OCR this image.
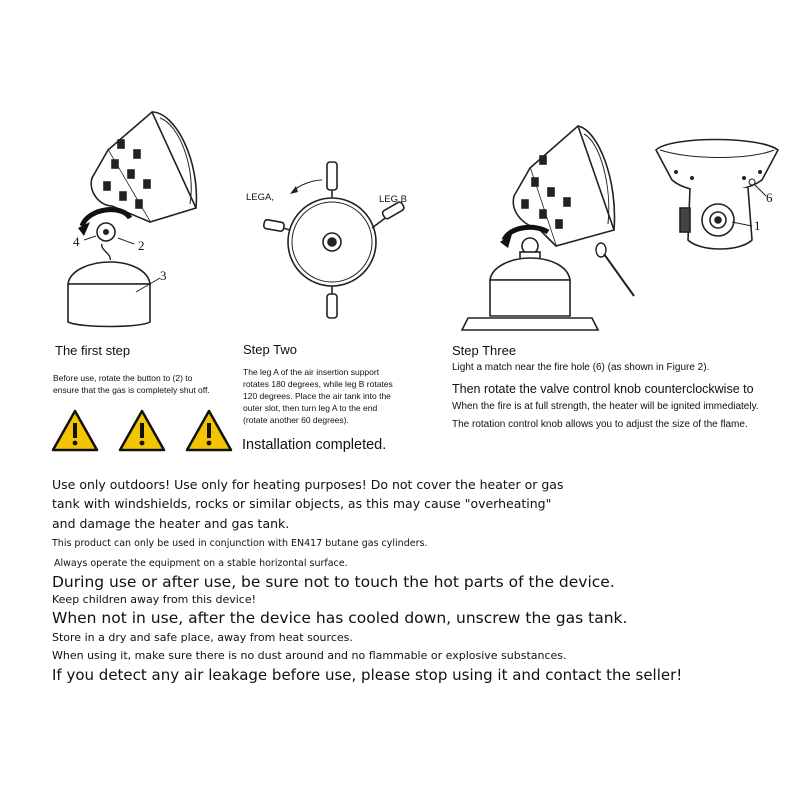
4	2
3
LEGA,	LEG B	6
1
The first step
Before use, rotate the button to (2) to
ensure that the gas is completely shut off.
Step Two
The leg A of the air insertion support
rotates 180 degrees, while leg B rotates
120 degrees. Place the air tank into the
outer slot, then turn leg A to the end
(rotate another 60 degrees).
Installation completed.
Step Three
Light a match near the fire hole (6) (as shown in Figure 2).
Then rotate the valve control knob counterclockwise to
When the fire is at full strength, the heater will be ignited immediately.
The rotation control knob allows you to adjust the size of the flame.
Use only outdoors! Use only for heating purposes! Do not cover the heater or gas
tank with windshields, rocks or similar objects, as this may cause "overheating"
and damage the heater and gas tank.
This product can only be used in conjunction with EN417 butane gas cylinders.
Always operate the equipment on a stable horizontal surface.
During use or after use, be sure not to touch the hot parts of the device.
Keep children away from this device!
When not in use, after the device has cooled down, unscrew the gas tank.
Store in a dry and safe place, away from heat sources.
When using it, make sure there is no dust around and no flammable or explosive substances.
If you detect any air leakage before use, please stop using it and contact the seller!
